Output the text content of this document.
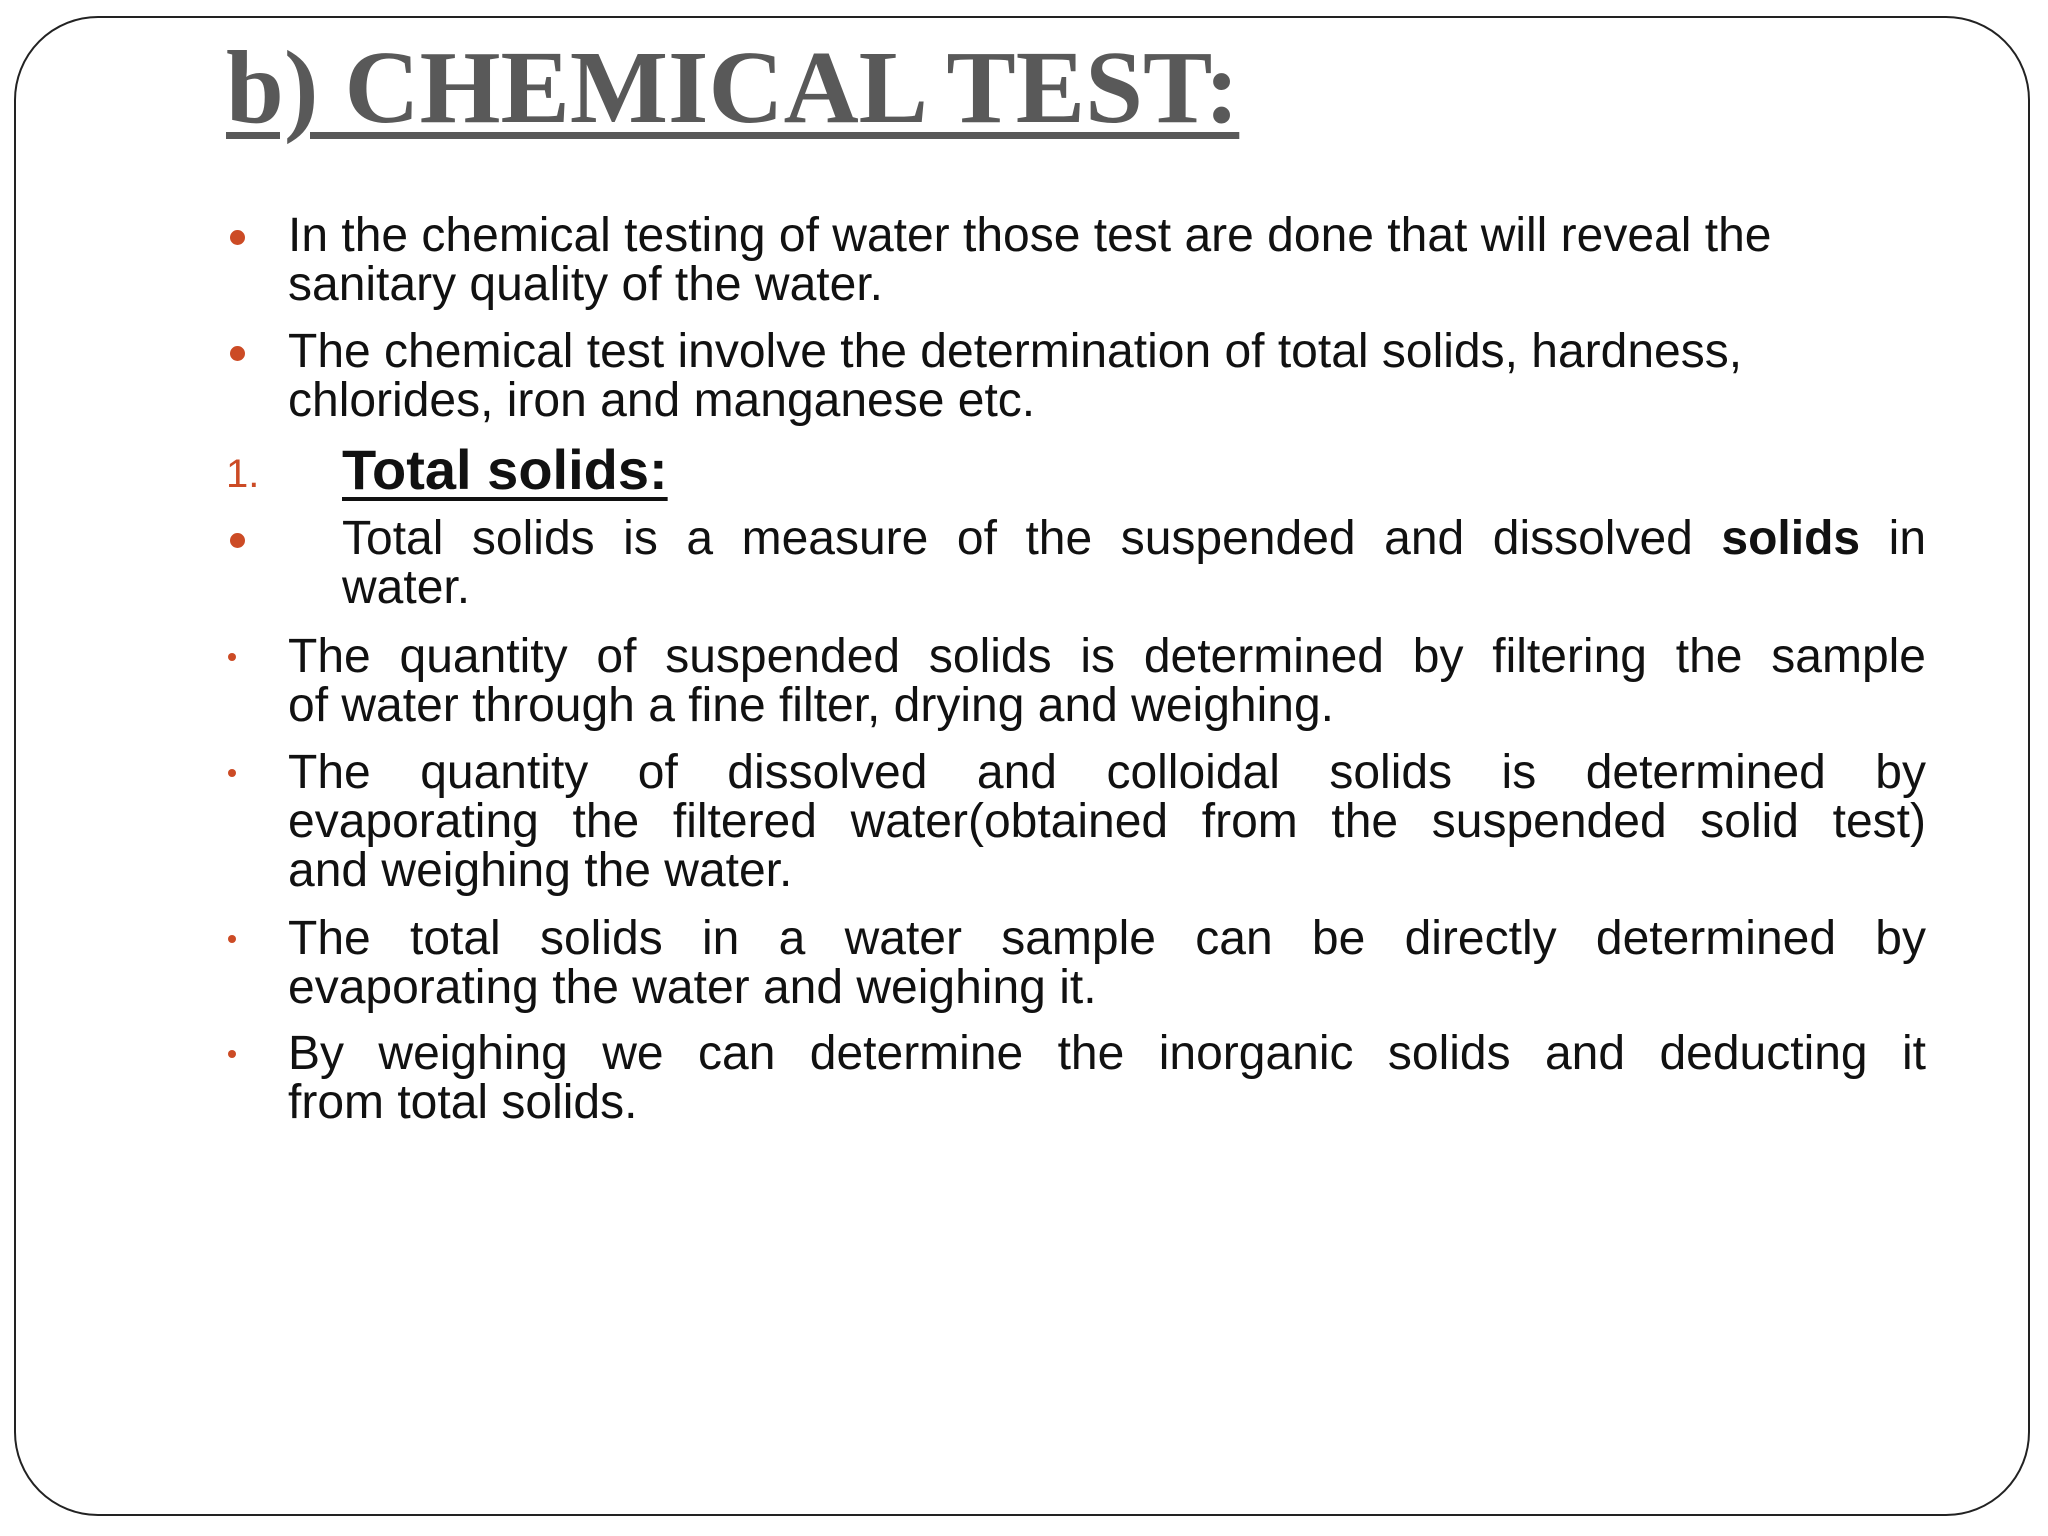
b) CHEMICAL TEST:
In the chemical testing of water those test are done that will reveal the sanitary quality of the water.
The chemical test involve the determination of total solids, hardness, chlorides, iron and manganese etc.
1. Total solids:
Total solids is a measure of the suspended and dissolved solids in
water.
The quantity of suspended solids is determined by filtering the sample
of water through a fine filter, drying and weighing.
The quantity of dissolved and colloidal solids is determined by
evaporating the filtered water(obtained from the suspended solid test)
and weighing the water.
The total solids in a water sample can be directly determined by
evaporating the water and weighing it.
By weighing we can determine the inorganic solids and deducting it
from total solids.
